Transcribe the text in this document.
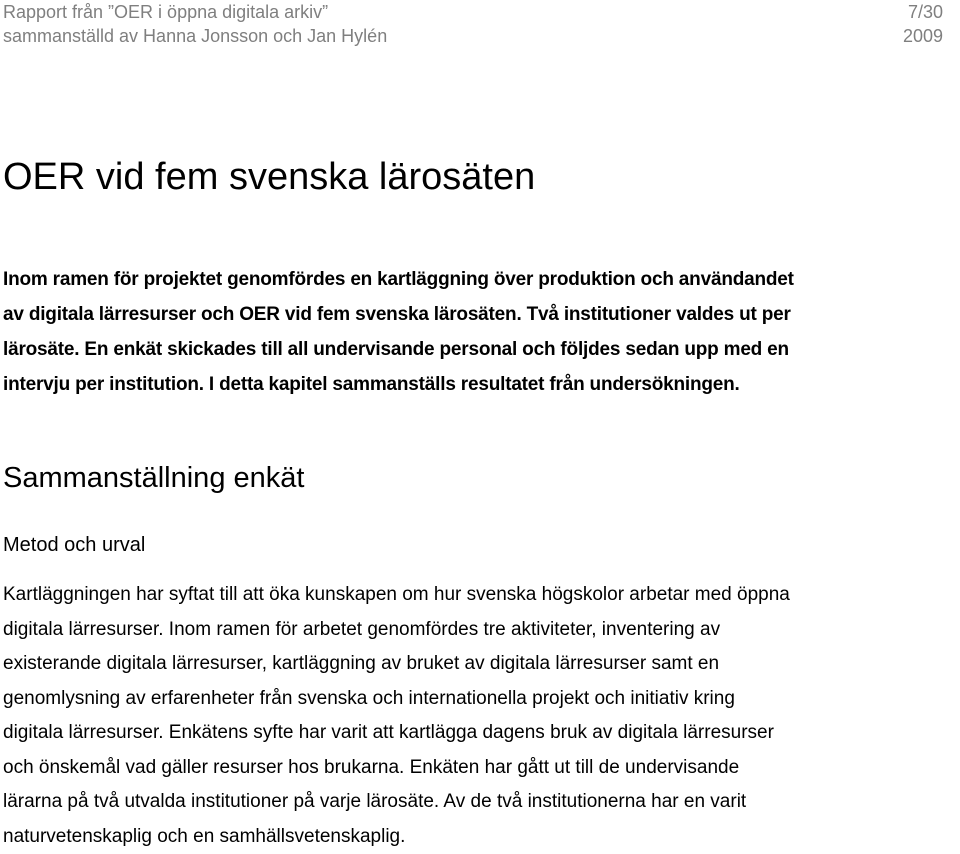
Rapport från ”OER i öppna digitala arkiv”	7/30
sammanställd av Hanna Jonsson och Jan Hylén	2009
OER vid fem svenska lärosäten

Inom ramen för projektet genomfördes en kartläggning över produktion och användandet
av digitala lärresurser och OER vid fem svenska lärosäten. Två institutioner valdes ut per
lärosäte. En enkät skickades till all undervisande personal och följdes sedan upp med en
intervju per institution. I detta kapitel sammanställs resultatet från undersökningen.

Sammanställning enkät
Metod och urval

Kartläggningen har syftat till att öka kunskapen om hur svenska högskolor arbetar med öppna
digitala lärresurser. Inom ramen för arbetet genomfördes tre aktiviteter, inventering av
existerande digitala lärresurser, kartläggning av bruket av digitala lärresurser samt en
genomlysning av erfarenheter från svenska och internationella projekt och initiativ kring
digitala lärresurser. Enkätens syfte har varit att kartlägga dagens bruk av digitala lärresurser
och önskemål vad gäller resurser hos brukarna. Enkäten har gått ut till de undervisande
lärarna på två utvalda institutioner på varje lärosäte. Av de två institutionerna har en varit
naturvetenskaplig och en samhällsvetenskaplig.
